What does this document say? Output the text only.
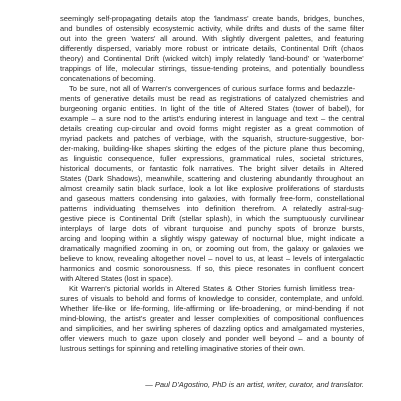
seemingly self-propagating details atop the 'landmass' create bands, bridges, bunches,
and bundles of ostensibly ecosystemic activity, while drifts and dusts of the same filter
out into the green 'waters' all around. With slightly divergent palettes, and featuring
differently dispersed, variably more robust or intricate details, Continental Drift (chaos
theory) and Continental Drift (wicked witch) imply relatedly 'land-bound' or 'waterborne'
trappings of life, molecular stirrings, tissue-tending proteins, and potentially boundless
concatenations of becoming.

To be sure, not all of Warren's convergences of curious surface forms and bedazzle-
ments of generative details must be read as registrations of catalyzed chemistries and
burgeoning organic entities. In light of the title of Altered States (tower of babel), for
example – a sure nod to the artist's enduring interest in language and text – the central
details creating cup-circular and ovoid forms might register as a great commotion of
myriad packets and patches of verbiage, with the squarish, structure-suggestive, bor-
der-making, building-like shapes skirting the edges of the picture plane thus becoming,
as linguistic consequence, fuller expressions, grammatical rules, societal strictures,
historical documents, or fantastic folk narratives. The bright silver details in Altered
States (Dark Shadows), meanwhile, scattering and clustering abundantly throughout an
almost creamily satin black surface, look a lot like explosive proliferations of stardusts
and gaseous matters condensing into galaxies, with formally free-form, constellational
patterns individuating themselves into definition therefrom. A relatedly astral-sug-
gestive piece is Continental Drift (stellar splash), in which the sumptuously curvilinear
interplays of large dots of vibrant turquoise and punchy spots of bronze bursts,
arcing and looping within a slightly wispy gateway of nocturnal blue, might indicate a
dramatically magnified zooming in on, or zooming out from, the galaxy or galaxies we
believe to know, revealing altogether novel – novel to us, at least – levels of intergalactic
harmonics and cosmic sonorousness. If so, this piece resonates in confluent concert
with Altered States (lost in space).

Kit Warren's pictorial worlds in Altered States & Other Stories furnish limitless trea-
sures of visuals to behold and forms of knowledge to consider, contemplate, and unfold.
Whether life-like or life-forming, life-affirming or life-broadening, or mind-bending if not
mind-blowing, the artist's greater and lesser complexities of compositional confluences
and simplicities, and her swirling spheres of dazzling optics and amalgamated mysteries,
offer viewers much to gaze upon closely and ponder well beyond – and a bounty of
lustrous settings for spinning and retelling imaginative stories of their own.

— Paul D'Agostino, PhD is an artist, writer, curator, and translator.
